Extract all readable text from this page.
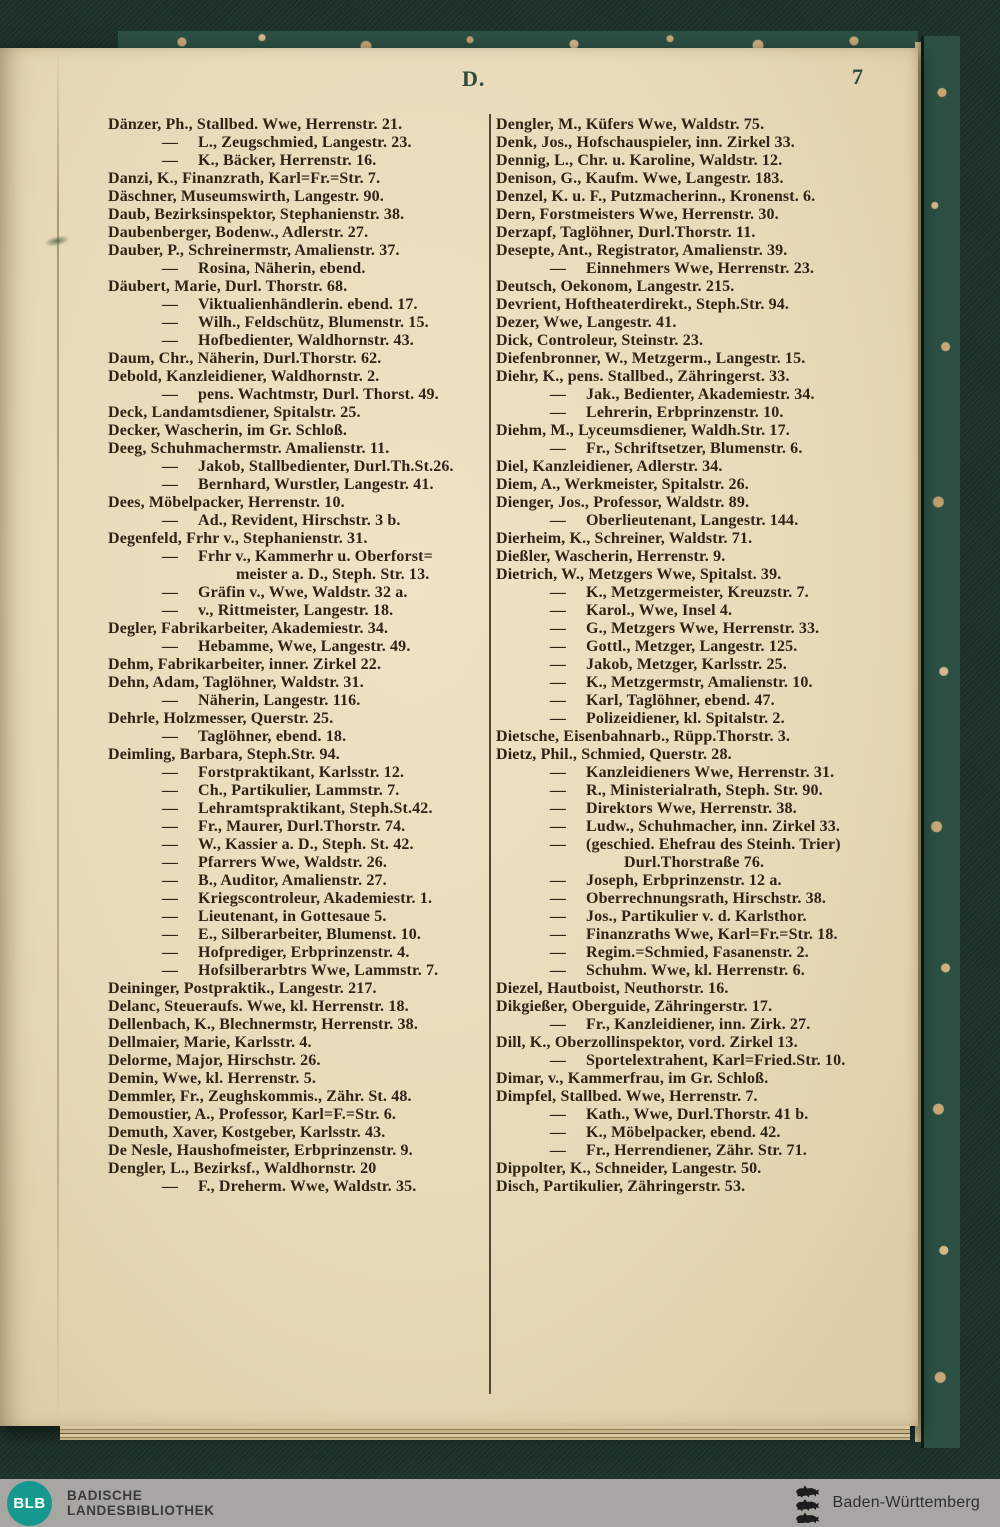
D.	7
Dänzer, Ph., Stallbed. Wwe, Herrenstr. 21.
— L., Zeugschmied, Langestr. 23.
— K., Bäcker, Herrenstr. 16.
Danzi, K., Finanzrath, Karl=Fr.=Str. 7.
Däschner, Museumswirth, Langestr. 90.
Daub, Bezirksinspektor, Stephanienstr. 38.
Daubenberger, Bodenw., Adlerstr. 27.
Dauber, P., Schreinermstr, Amalienstr. 37.
— Rosina, Näherin, ebend.
Däubert, Marie, Durl. Thorstr. 68.
— Viktualienhändlerin. ebend. 17.
— Wilh., Feldschütz, Blumenstr. 15.
— Hofbedienter, Waldhornstr. 43.
Daum, Chr., Näherin, Durl.Thorstr. 62.
Debold, Kanzleidiener, Waldhornstr. 2.
— pens. Wachtmstr, Durl. Thorst. 49.
Deck, Landamtsdiener, Spitalstr. 25.
Decker, Wascherin, im Gr. Schloß.
Deeg, Schuhmachermstr. Amalienstr. 11.
— Jakob, Stallbedienter, Durl.Th.St.26.
— Bernhard, Wurstler, Langestr. 41.
Dees, Möbelpacker, Herrenstr. 10.
— Ad., Revident, Hirschstr. 3 b.
Degenfeld, Frhr v., Stephanienstr. 31.
— Frhr v., Kammerhr u. Oberforst=
meister a. D., Steph. Str. 13.
— Gräfin v., Wwe, Waldstr. 32 a.
— v., Rittmeister, Langestr. 18.
Degler, Fabrikarbeiter, Akademiestr. 34.
— Hebamme, Wwe, Langestr. 49.
Dehm, Fabrikarbeiter, inner. Zirkel 22.
Dehn, Adam, Taglöhner, Waldstr. 31.
— Näherin, Langestr. 116.
Dehrle, Holzmesser, Querstr. 25.
— Taglöhner, ebend. 18.
Deimling, Barbara, Steph.Str. 94.
— Forstpraktikant, Karlsstr. 12.
— Ch., Partikulier, Lammstr. 7.
— Lehramtspraktikant, Steph.St.42.
— Fr., Maurer, Durl.Thorstr. 74.
— W., Kassier a. D., Steph. St. 42.
— Pfarrers Wwe, Waldstr. 26.
— B., Auditor, Amalienstr. 27.
— Kriegscontroleur, Akademiestr. 1.
— Lieutenant, in Gottesaue 5.
— E., Silberarbeiter, Blumenst. 10.
— Hofprediger, Erbprinzenstr. 4.
— Hofsilberarbtrs Wwe, Lammstr. 7.
Deininger, Postpraktik., Langestr. 217.
Delanc, Steueraufs. Wwe, kl. Herrenstr. 18.
Dellenbach, K., Blechnermstr, Herrenstr. 38.
Dellmaier, Marie, Karlsstr. 4.
Delorme, Major, Hirschstr. 26.
Demin, Wwe, kl. Herrenstr. 5.
Demmler, Fr., Zeughskommis., Zähr. St. 48.
Demoustier, A., Professor, Karl=F.=Str. 6.
Demuth, Xaver, Kostgeber, Karlsstr. 43.
De Nesle, Haushofmeister, Erbprinzenstr. 9.
Dengler, L., Bezirksf., Waldhornstr. 20
— F., Dreherm. Wwe, Waldstr. 35.
Dengler, M., Küfers Wwe, Waldstr. 75.
Denk, Jos., Hofschauspieler, inn. Zirkel 33.
Dennig, L., Chr. u. Karoline, Waldstr. 12.
Denison, G., Kaufm. Wwe, Langestr. 183.
Denzel, K. u. F., Putzmacherinn., Kronenst. 6.
Dern, Forstmeisters Wwe, Herrenstr. 30.
Derzapf, Taglöhner, Durl.Thorstr. 11.
Desepte, Ant., Registrator, Amalienstr. 39.
— Einnehmers Wwe, Herrenstr. 23.
Deutsch, Oekonom, Langestr. 215.
Devrient, Hoftheaterdirekt., Steph.Str. 94.
Dezer, Wwe, Langestr. 41.
Dick, Controleur, Steinstr. 23.
Diefenbronner, W., Metzgerm., Langestr. 15.
Diehr, K., pens. Stallbed., Zähringerst. 33.
— Jak., Bedienter, Akademiestr. 34.
— Lehrerin, Erbprinzenstr. 10.
Diehm, M., Lyceumsdiener, Waldh.Str. 17.
— Fr., Schriftsetzer, Blumenstr. 6.
Diel, Kanzleidiener, Adlerstr. 34.
Diem, A., Werkmeister, Spitalstr. 26.
Dienger, Jos., Professor, Waldstr. 89.
— Oberlieutenant, Langestr. 144.
Dierheim, K., Schreiner, Waldstr. 71.
Dießler, Wascherin, Herrenstr. 9.
Dietrich, W., Metzgers Wwe, Spitalst. 39.
— K., Metzgermeister, Kreuzstr. 7.
— Karol., Wwe, Insel 4.
— G., Metzgers Wwe, Herrenstr. 33.
— Gottl., Metzger, Langestr. 125.
— Jakob, Metzger, Karlsstr. 25.
— K., Metzgermstr, Amalienstr. 10.
— Karl, Taglöhner, ebend. 47.
— Polizeidiener, kl. Spitalstr. 2.
Dietsche, Eisenbahnarb., Rüpp.Thorstr. 3.
Dietz, Phil., Schmied, Querstr. 28.
— Kanzleidieners Wwe, Herrenstr. 31.
— R., Ministerialrath, Steph. Str. 90.
— Direktors Wwe, Herrenstr. 38.
— Ludw., Schuhmacher, inn. Zirkel 33.
— (geschied. Ehefrau des Steinh. Trier)
Durl.Thorstraße 76.
— Joseph, Erbprinzenstr. 12 a.
— Oberrechnungsrath, Hirschstr. 38.
— Jos., Partikulier v. d. Karlsthor.
— Finanzraths Wwe, Karl=Fr.=Str. 18.
— Regim.=Schmied, Fasanenstr. 2.
— Schuhm. Wwe, kl. Herrenstr. 6.
Diezel, Hautboist, Neuthorstr. 16.
Dikgießer, Oberguide, Zähringerstr. 17.
— Fr., Kanzleidiener, inn. Zirk. 27.
Dill, K., Oberzollinspektor, vord. Zirkel 13.
— Sportelextrahent, Karl=Fried.Str. 10.
Dimar, v., Kammerfrau, im Gr. Schloß.
Dimpfel, Stallbed. Wwe, Herrenstr. 7.
— Kath., Wwe, Durl.Thorstr. 41 b.
— K., Möbelpacker, ebend. 42.
— Fr., Herrendiener, Zähr. Str. 71.
Dippolter, K., Schneider, Langestr. 50.
Disch, Partikulier, Zähringerstr. 53.
BLB BADISCHE
LANDESBIBLIOTHEK	Baden-Württemberg
